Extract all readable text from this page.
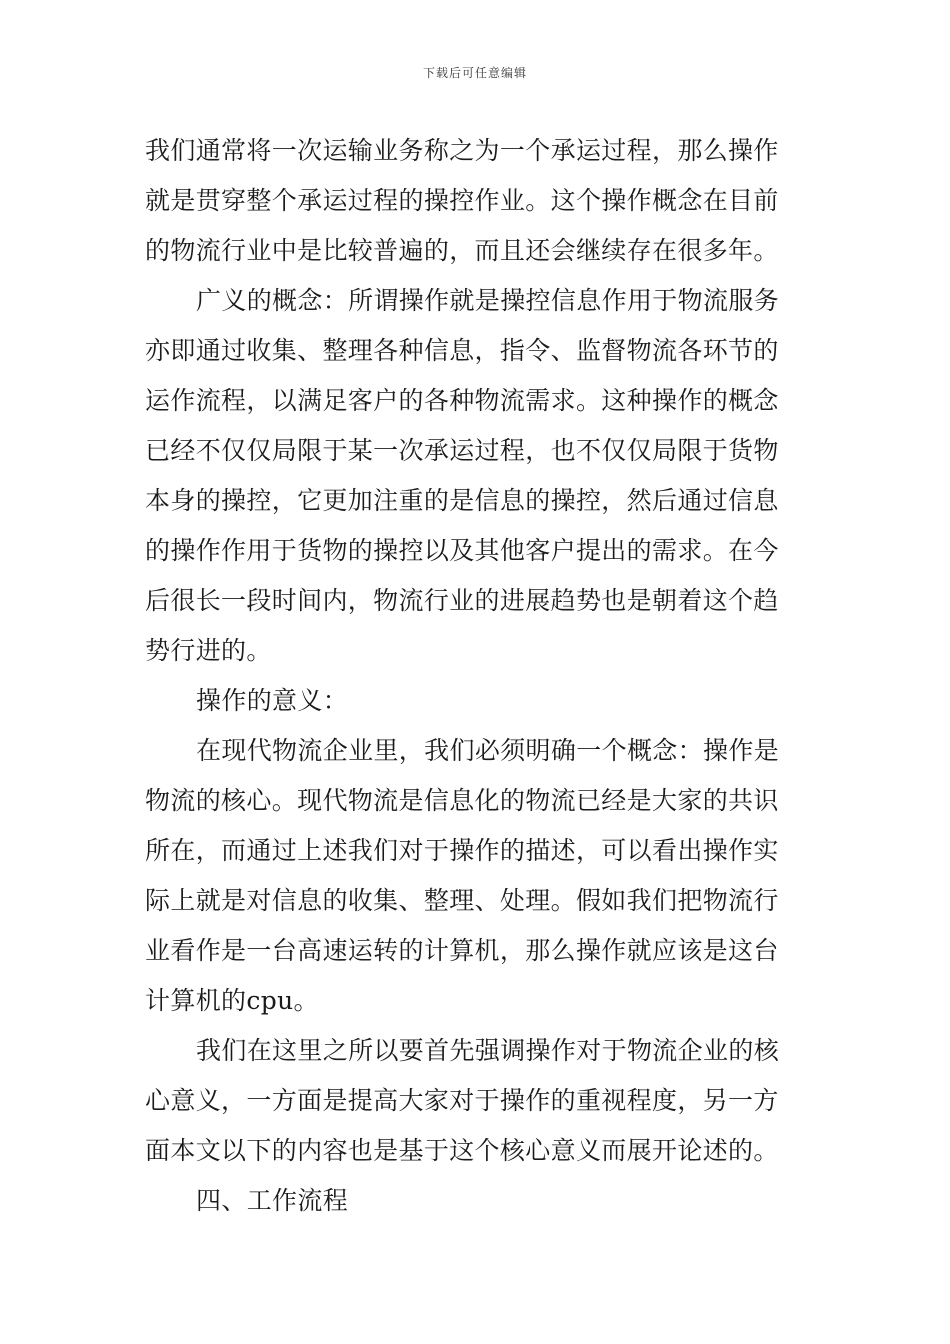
下载后可任意编辑
我们通常将一次运输业务称之为一个承运过程，那么操作
就是贯穿整个承运过程的操控作业。这个操作概念在目前
的物流行业中是比较普遍的，而且还会继续存在很多年。
广义的概念：所谓操作就是操控信息作用于物流服务
亦即通过收集、整理各种信息，指令、监督物流各环节的
运作流程，以满足客户的各种物流需求。这种操作的概念
已经不仅仅局限于某一次承运过程，也不仅仅局限于货物
本身的操控，它更加注重的是信息的操控，然后通过信息
的操作作用于货物的操控以及其他客户提出的需求。在今
后很长一段时间内，物流行业的进展趋势也是朝着这个趋
势行进的。
操作的意义：
在现代物流企业里，我们必须明确一个概念：操作是
物流的核心。现代物流是信息化的物流已经是大家的共识
所在，而通过上述我们对于操作的描述，可以看出操作实
际上就是对信息的收集、整理、处理。假如我们把物流行
业看作是一台高速运转的计算机，那么操作就应该是这台
计算机的cpu。
我们在这里之所以要首先强调操作对于物流企业的核
心意义，一方面是提高大家对于操作的重视程度，另一方
面本文以下的内容也是基于这个核心意义而展开论述的。
四、工作流程
